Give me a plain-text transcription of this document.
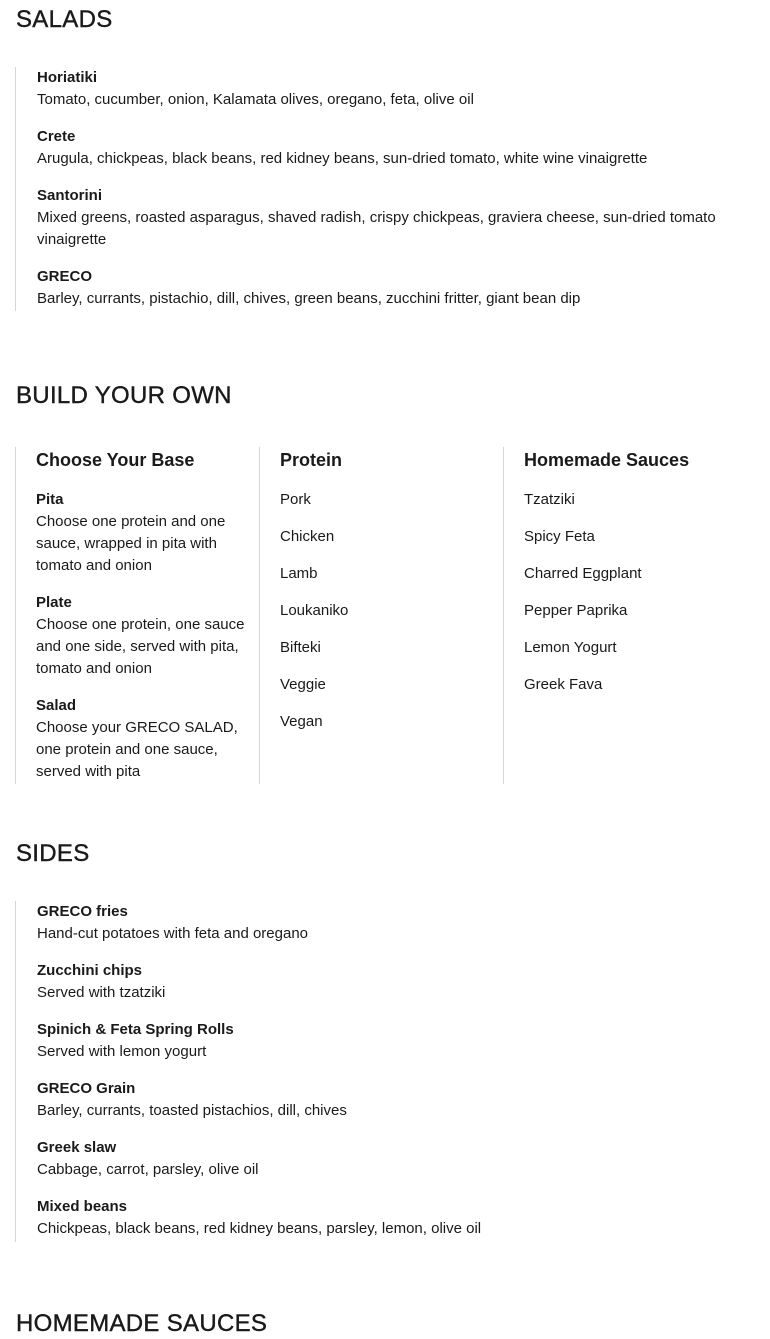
SALADS
Horiatiki
Tomato, cucumber, onion, Kalamata olives, oregano, feta, olive oil
Crete
Arugula, chickpeas, black beans, red kidney beans, sun-dried tomato, white wine vinaigrette
Santorini
Mixed greens, roasted asparagus, shaved radish, crispy chickpeas, graviera cheese, sun-dried tomato vinaigrette
GRECO
Barley, currants, pistachio, dill, chives, green beans, zucchini fritter, giant bean dip
BUILD YOUR OWN
Choose Your Base
Pita
Choose one protein and one sauce, wrapped in pita with tomato and onion
Plate
Choose one protein, one sauce and one side, served with pita, tomato and onion
Salad
Choose your GRECO SALAD, one protein and one sauce, served with pita
Protein
Pork
Chicken
Lamb
Loukaniko
Bifteki
Veggie
Vegan
Homemade Sauces
Tzatziki
Spicy Feta
Charred Eggplant
Pepper Paprika
Lemon Yogurt
Greek Fava
SIDES
GRECO fries
Hand-cut potatoes with feta and oregano
Zucchini chips
Served with tzatziki
Spinich & Feta Spring Rolls
Served with lemon yogurt
GRECO Grain
Barley, currants, toasted pistachios, dill, chives
Greek slaw
Cabbage, carrot, parsley, olive oil
Mixed beans
Chickpeas, black beans, red kidney beans, parsley, lemon, olive oil
HOMEMADE SAUCES
